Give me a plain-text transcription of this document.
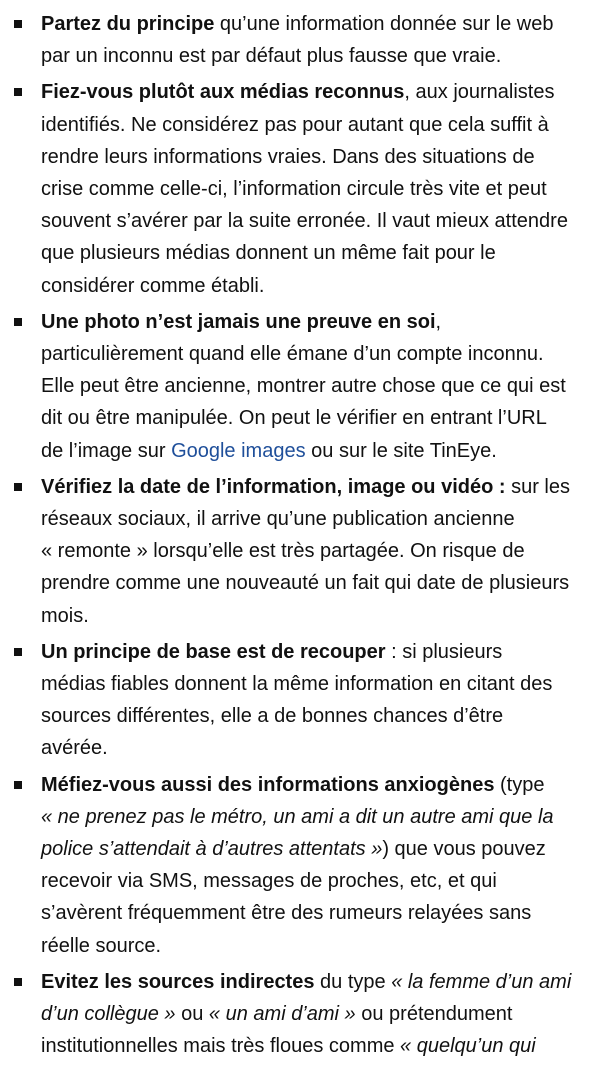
Partez du principe qu’une information donnée sur le web
par un inconnu est par défaut plus fausse que vraie.
Fiez-vous plutôt aux médias reconnus, aux journalistes
identifiés. Ne considérez pas pour autant que cela suffit à
rendre leurs informations vraies. Dans des situations de
crise comme celle-ci, l’information circule très vite et peut
souvent s’avérer par la suite erronée. Il vaut mieux attendre
que plusieurs médias donnent un même fait pour le
considérer comme établi.
Une photo n’est jamais une preuve en soi,
particulièrement quand elle émane d’un compte inconnu.
Elle peut être ancienne, montrer autre chose que ce qui est
dit ou être manipulée. On peut le vérifier en entrant l’URL
de l’image sur Google images ou sur le site TinEye.
Vérifiez la date de l’information, image ou vidéo : sur les
réseaux sociaux, il arrive qu’une publication ancienne
« remonte » lorsqu’elle est très partagée. On risque de
prendre comme une nouveauté un fait qui date de plusieurs
mois.
Un principe de base est de recouper : si plusieurs
médias fiables donnent la même information en citant des
sources différentes, elle a de bonnes chances d’être
avérée.
Méfiez-vous aussi des informations anxiogènes (type
« ne prenez pas le métro, un ami a dit un autre ami que la
police s’attendait à d’autres attentats ») que vous pouvez
recevoir via SMS, messages de proches, etc, et qui
s’avèrent fréquemment être des rumeurs relayées sans
réelle source.
Evitez les sources indirectes du type « la femme d’un ami
d’un collègue » ou « un ami d’ami » ou prétendument
institutionnelles mais très floues comme « quelqu’un qui
